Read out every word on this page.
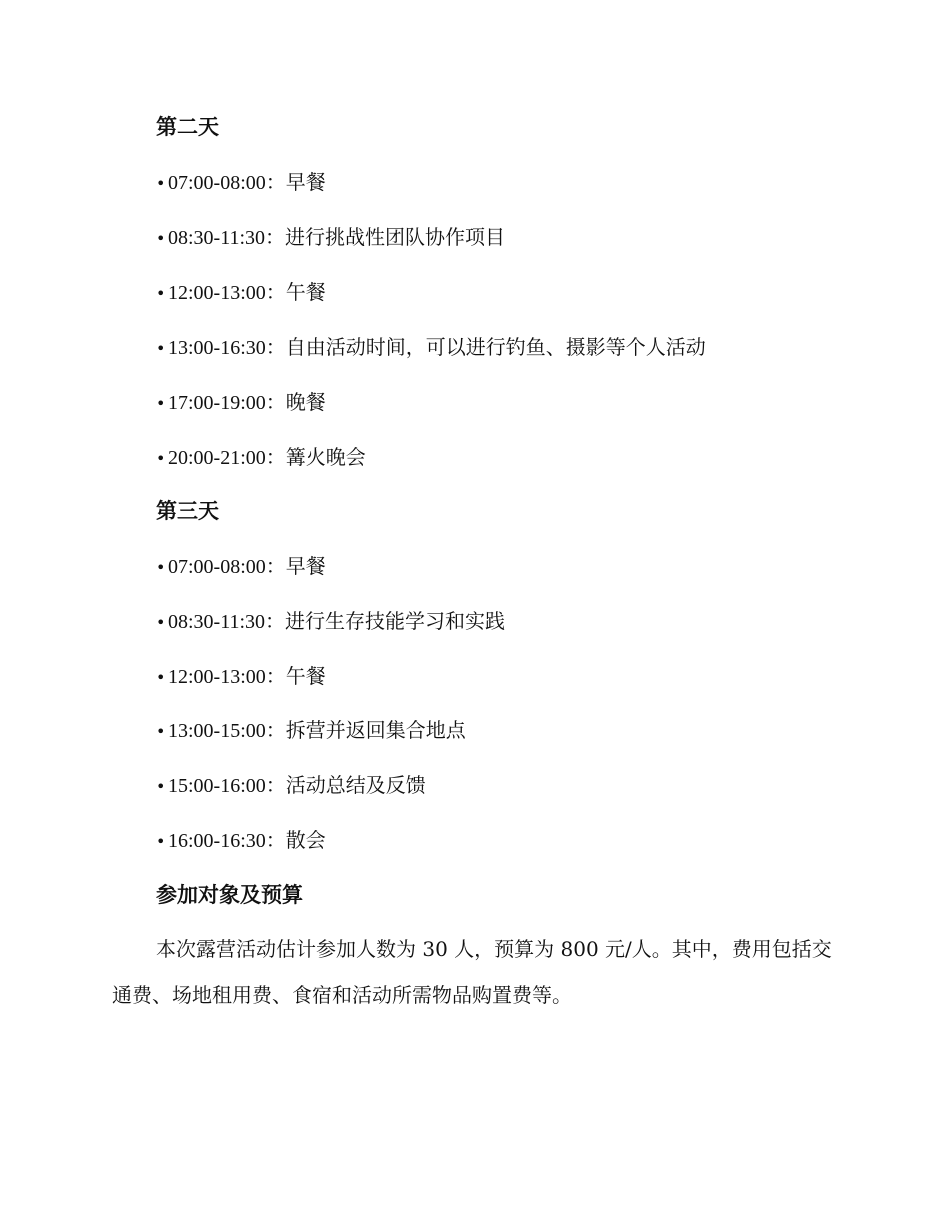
第二天
• 07:00-08:00：早餐
• 08:30-11:30：进行挑战性团队协作项目
• 12:00-13:00：午餐
• 13:00-16:30：自由活动时间，可以进行钓鱼、摄影等个人活动
• 17:00-19:00：晚餐
• 20:00-21:00：篝火晚会
第三天
• 07:00-08:00：早餐
• 08:30-11:30：进行生存技能学习和实践
• 12:00-13:00：午餐
• 13:00-15:00：拆营并返回集合地点
• 15:00-16:00：活动总结及反馈
• 16:00-16:30：散会
参加对象及预算
本次露营活动估计参加人数为 30 人，预算为 800 元/人。其中，费用包括交通费、场地租用费、食宿和活动所需物品购置费等。
